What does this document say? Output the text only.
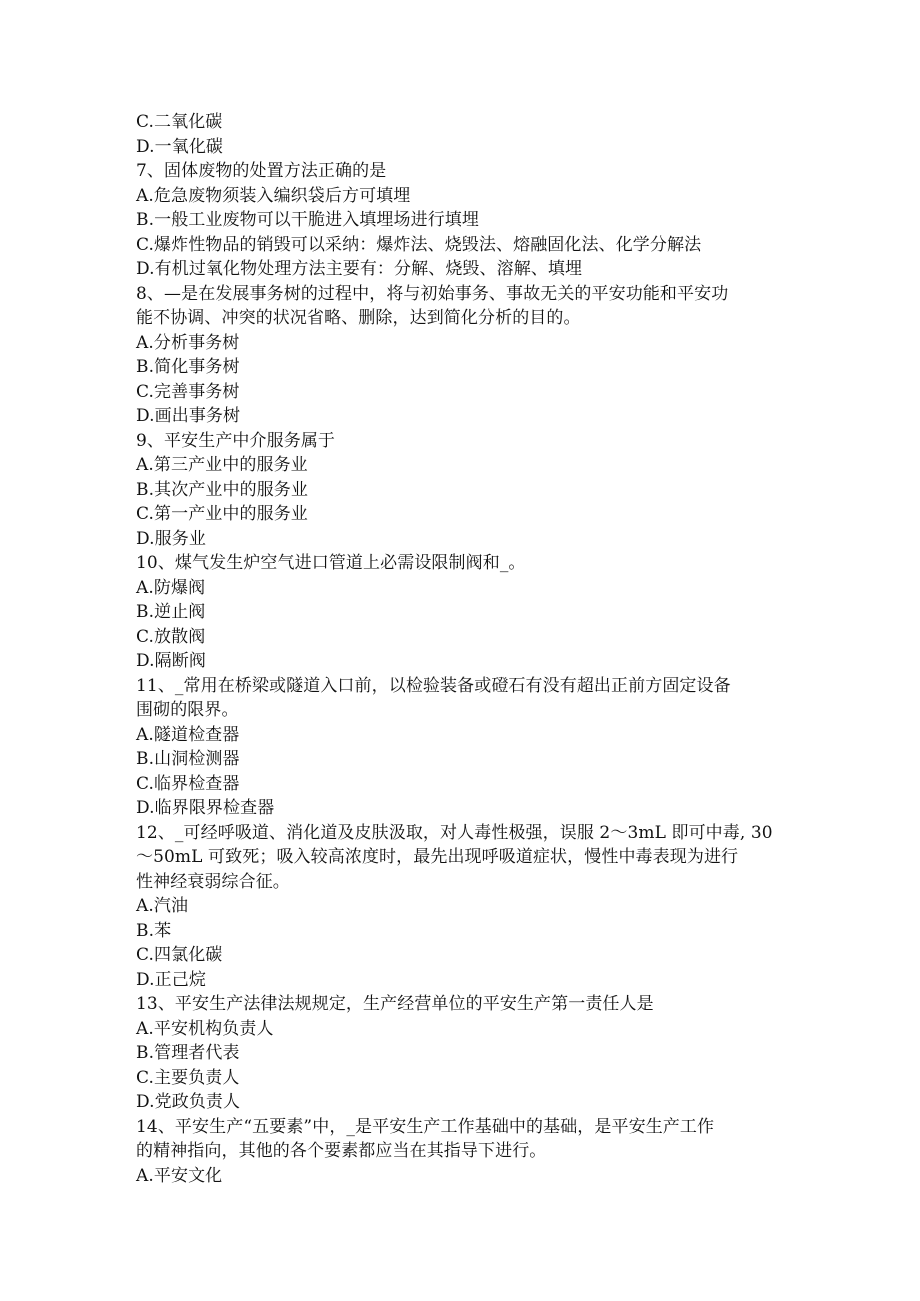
C.二氧化碳
D.一氧化碳
7、固体废物的处置方法正确的是
A.危急废物须装入编织袋后方可填埋
B.一般工业废物可以干脆进入填埋场进行填埋
C.爆炸性物品的销毁可以采纳：爆炸法、烧毁法、熔融固化法、化学分解法
D.有机过氧化物处理方法主要有：分解、烧毁、溶解、填埋
8、—是在发展事务树的过程中，将与初始事务、事故无关的平安功能和平安功
能不协调、冲突的状况省略、删除，达到简化分析的目的。
A.分析事务树
B.简化事务树
C.完善事务树
D.画出事务树
9、平安生产中介服务属于
A.第三产业中的服务业
B.其次产业中的服务业
C.第一产业中的服务业
D.服务业
10、煤气发生炉空气进口管道上必需设限制阀和_。
A.防爆阀
B.逆止阀
C.放散阀
D.隔断阀
11、_常用在桥梁或隧道入口前，以检验装备或磴石有没有超出正前方固定设备
围砌的限界。
A.隧道检查器
B.山洞检测器
C.临界检查器
D.临界限界检查器
12、_可经呼吸道、消化道及皮肤汲取，对人毒性极强，误服 2～3mL 即可中毒, 30
～50mL 可致死；吸入较高浓度时，最先出现呼吸道症状，慢性中毒表现为进行
性神经衰弱综合征。
A.汽油
B.苯
C.四氯化碳
D.正己烷
13、平安生产法律法规规定，生产经营单位的平安生产第一责任人是
A.平安机构负责人
B.管理者代表
C.主要负责人
D.党政负责人
14、平安生产“五要素”中，_是平安生产工作基础中的基础，是平安生产工作
的精神指向，其他的各个要素都应当在其指导下进行。
A.平安文化
